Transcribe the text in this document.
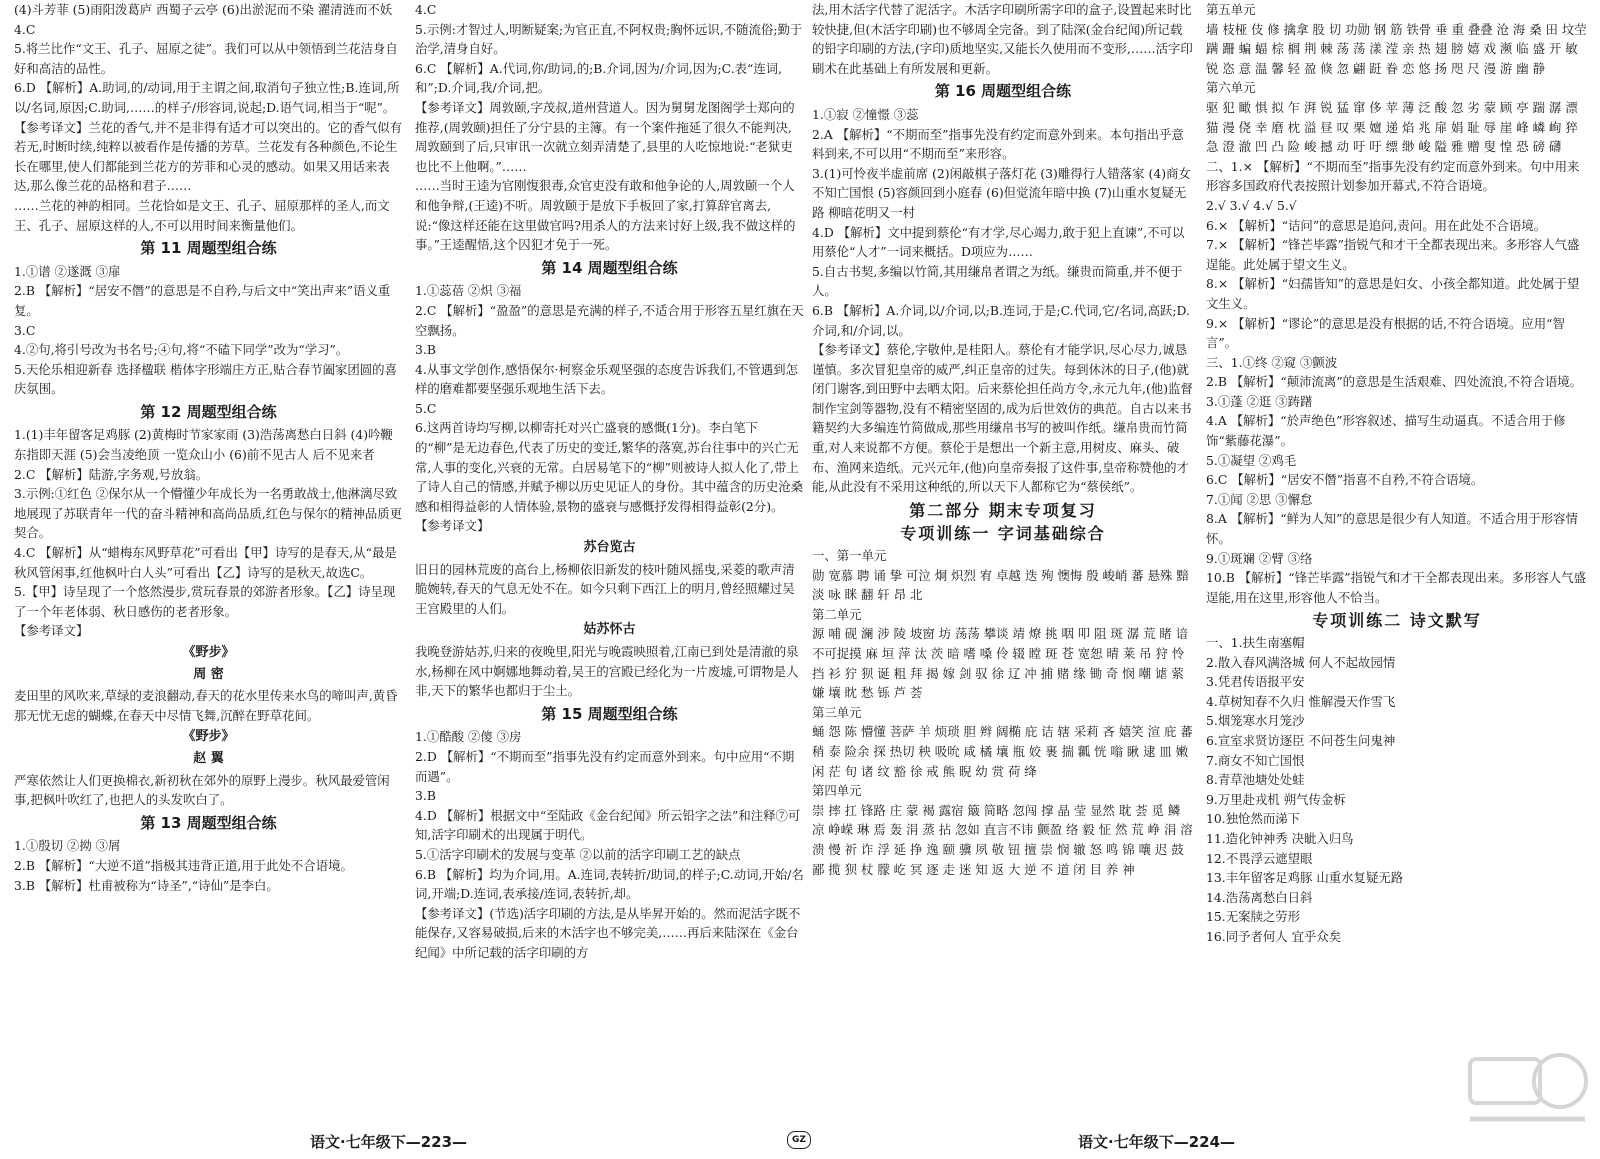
(4)斗芳菲 (5)雨阳泼葛庐 西蜀子云亭 (6)出淤泥而不染 濯清涟而不妖

4.C

5.将兰比作“文王、孔子、屈原之徒”。我们可以从中领悟到兰花洁身自好和高洁的品性。

6.D 【解析】A.助词,的/动词,用于主谓之间,取消句子独立性;B.连词,所以/名词,原因;C.助词,……的样子/形容词,说起;D.语气词,相当于“呢”。

【参考译文】兰花的香气,并不是非得有适才可以突出的。它的香气似有若无,时断时续,纯粹以被看作是传播的芳草。兰花发有各种颜色,不论生长在哪里,使人们都能到兰花方的芳菲和心灵的感动。如果又用话来表达,那么像兰花的品格和君子……

……兰花的神韵相同。兰花恰如是文王、孔子、屈原那样的圣人,而文王、孔子、屈原这样的人,不可以用时间来衡量他们。

第 11 周题型组合练

1.①谱 ②遂溉 ③扉

2.B 【解析】“居安不僭”的意思是不自矜,与后文中“笑出声来”语义重复。

3.C

4.②句,将引号改为书名号;④句,将“不磕下同学”改为“学习”。

5.天伦乐相迎新春 选择楹联 楷体字形端庄方正,贴合春节阖家团圆的喜庆氛围。

第 12 周题型组合练

1.(1)丰年留客足鸡豚 (2)黄梅时节家家雨 (3)浩荡离愁白日斜 (4)吟鞭东指即天涯 (5)会当凌绝顶 一览众山小 (6)前不见古人 后不见来者

2.C 【解析】陆游,字务观,号放翁。

3.示例:①红色 ②保尔从一个懵懂少年成长为一名勇敢战士,他淋漓尽致地展现了苏联青年一代的奋斗精神和高尚品质,红色与保尔的精神品质更契合。

4.C 【解析】从“蜡梅东风野草花”可看出【甲】诗写的是春天,从“最是秋风管闲事,红他枫叶白人头”可看出【乙】诗写的是秋天,故选C。

5.【甲】诗呈现了一个悠然漫步,赏玩春景的郊游者形象。【乙】诗呈现了一个年老体弱、秋日感伤的老者形象。

【参考译文】

《野步》
周 密

麦田里的风吹来,草绿的麦浪翻动,春天的花水里传来水鸟的啼叫声,黄昏那无忧无虑的蝴蝶,在春天中尽情飞舞,沉醉在野草花间。

《野步》
赵 翼

严寒依然让人们更换棉衣,新初秋在郊外的原野上漫步。秋风最爱管闲事,把枫叶吹红了,也把人的头发吹白了。

第 13 周题型组合练

1.①殷切 ②拗 ③屑

2.B 【解析】“大逆不道”指极其违背正道,用于此处不合语境。

3.B 【解析】杜甫被称为“诗圣”,“诗仙”是李白。

4.C

5.示例:才智过人,明断疑案;为官正直,不阿权贵;胸怀远识,不随流俗;勤于治学,清身自好。

6.C 【解析】A.代词,你/助词,的;B.介词,因为/介词,因为;C.表“连词,和”;D.介词,我/介词,把。

【参考译文】周敦颐,字茂叔,道州营道人。因为舅舅龙图阁学士郑向的推荐,(周敦颐)担任了分宁县的主簿。有一个案件拖延了很久不能判决,周敦颐到了后,只审讯一次就立刻弄清楚了,县里的人吃惊地说:“老狱吏也比不上他啊。”……

……当时王逵为官刚愎狠毒,众官吏没有敢和他争论的人,周敦颐一个人和他争辩,(王逵)不听。周敦颐于是放下手板回了家,打算辞官离去,说:“像这样还能在这里做官吗?用杀人的方法来讨好上级,我不做这样的事。”王逵醒悟,这个囚犯才免于一死。

第 14 周题型组合练

1.①蕊蓓 ②炽 ③福

2.C 【解析】“盈盈”的意思是充满的样子,不适合用于形容五星红旗在天空飘扬。

3.B

4.从事文学创作,感悟保尔·柯察金乐观坚强的态度告诉我们,不管遇到怎样的磨难都要坚强乐观地生活下去。

5.C

6.这两首诗均写柳,以柳寄托对兴亡盛衰的感慨(1分)。李白笔下的“柳”是无边春色,代表了历史的变迁,繁华的落寞,苏台往事中的兴亡无常,人事的变化,兴衰的无常。白居易笔下的“柳”则被诗人拟人化了,带上了诗人自己的情感,并赋予柳以历史见证人的身份。其中蕴含的历史沧桑感和相得益彰的人情体验,景物的盛衰与感慨抒发得相得益彰(2分)。

【参考译文】

苏台览古

旧日的园林荒废的高台上,杨柳依旧新发的枝叶随风摇曳,采菱的歌声清脆婉转,春天的气息无处不在。如今只剩下西江上的明月,曾经照耀过吴王宫殿里的人们。

姑苏怀古

我晚登游姑苏,归来的夜晚里,阳光与晚霞映照着,江南已到处是清澈的泉水,杨柳在风中婀娜地舞动着,吴王的宫殿已经化为一片废墟,可谓物是人非,天下的繁华也都归于尘土。

第 15 周题型组合练

1.①酷酸 ②傻 ③房

2.D 【解析】“不期而至”指事先没有约定而意外到来。句中应用“不期而遇”。

3.B

4.D 【解析】根据文中“至陆政《金台纪闻》所云铅字之法”和注释⑦可知,活字印刷术的出现属于明代。

5.①活字印刷术的发展与变革 ②以前的活字印刷工艺的缺点

6.B 【解析】均为介词,用。A.连词,表转折/助词,的样子;C.动词,开始/名词,开端;D.连词,表承接/连词,表转折,却。

【参考译文】(节选)活字印刷的方法,是从毕昇开始的。然而泥活字既不能保存,又容易破损,后来的木活字也不够完美,……再后来陆深在《金台纪闻》中所记载的活字印刷的方

法,用木活字代替了泥活字。木活字印刷所需字印的盒子,设置起来时比较快捷,但(木活字印刷)也不够周全完备。到了陆深(金台纪闻)所记载的铅字印刷的方法,(字印)质地坚实,又能长久使用而不变形,……活字印刷术在此基础上有所发展和更新。

第 16 周题型组合练

1.①寂 ②憧憬 ③蕊

2.A 【解析】“不期而至”指事先没有约定而意外到来。本句指出乎意料到来,不可以用“不期而至”来形容。

3.(1)可怜夜半虚前席 (2)闲敲棋子落灯花 (3)雕得行人错落家 (4)商女不知亡国恨 (5)容颜回到小庭春 (6)但觉流年暗中换 (7)山重水复疑无路 柳暗花明又一村

4.D 【解析】文中提到蔡伦“有才学,尽心竭力,敢于犯上直谏”,不可以用蔡伦“人才”一词来概括。D项应为……

5.自古书契,多编以竹简,其用缣帛者谓之为纸。缣贵而简重,并不便于人。

6.B 【解析】A.介词,以/介词,以;B.连词,于是;C.代词,它/名词,高跃;D.介词,和/介词,以。

【参考译文】蔡伦,字敬仲,是桂阳人。蔡伦有才能学识,尽心尽力,诚恳谨慎。多次冒犯皇帝的威严,纠正皇帝的过失。每到休沐的日子,(他)就闭门谢客,到田野中去晒太阳。后来蔡伦担任尚方令,永元九年,(他)监督制作宝剑等器物,没有不精密坚固的,成为后世效仿的典范。自古以来书籍契约大多编连竹简做成,那些用缣帛书写的被叫作纸。缣帛贵而竹简重,对人来说都不方便。蔡伦于是想出一个新主意,用树皮、麻头、破布、渔网来造纸。元兴元年,(他)向皇帝奏报了这件事,皇帝称赞他的才能,从此没有不采用这种纸的,所以天下人都称它为“蔡侯纸”。

第二部分 期末专项复习
专项训练一 字词基础综合

一、第一单元

勋 宽慕 聘 诵 挚 可泣 炯 炽烈 宥 卓越 迭 殉 懊悔 殷 峻峭 蕃 悬殊 黯淡 咏 眯 翻 轩 昂 北

第二单元

源 哺 砚 澜 涉 陵 坡窗 坊 荡荡 攀谈 靖 燎 挑 咽 叩 阻 斑 潺 荒 睹 谙 不可捉摸 麻 垣 萍 汰 茨 暗 嗜 嗓 伶 辍 瞠 斑 苍 宽恕 晴 莱 吊 狩 怜 挡 衫 狞 狈 诞 粗 拜 揭 嫁 剑 驭 徐 辽 冲 捕 赌 缘 锄 奇 悯 嘲 谑 萦 嫌 壤 眈 愁 铄 芦 荟

第三单元

蛹 怨 陈 懵懂 菩萨 羊 烦琐 胆 辫 阔椭 庇 诘 辖 采莉 吝 嬉笑 渲 庇 蕃 稍 泰 险余 探 热切 秧 吸吮 咸 橘 壤 瓶 姣 裹 揣 瓤 恍 嗡 瞅 逮 皿 嫩 闲 茫 旬 诸 纹 豁 徐 戒 熊 睨 幼 赏 荷 绛

第四单元

崇 摔 扛 锋路 庄 蒙 褐 露宿 簸 简略 忽闯 撑 晶 莹 显然 耽 荟 觅 鳞 凉 峥嵘 琳 焉 轰 涓 蒸 拈 忽如 直言不讳 颤盈 络 毅 怔 然 荒 峥 涓 溶 溃 慢 祈 诈 浮 延 挣 逸 颐 骥 夙 敬 钮 擅 崇 悯 辙 怒 鸣 锦 嚷 迟 鼓 鄙 揽 狈 杖 朦 屹 冥 逐 走 迷 知 返 大 逆 不 道 闭 目 养 神

第五单元

墙 枝桠 伎 修 擒拿 股 切 功勋 钢 筋 铁骨 垂 重 叠叠 沧 海 桑 田 坟茔 蹒 跚 蝙 蝠 棕 榈 荆 棘 荡 荡 漾 滢 亲 热 翅 膀 嬉 戏 濒 临 盛 开 敏 锐 恣 意 温 馨 轻 盈 倏 忽 翩 跹 眷 恋 悠 扬 咫 尺 漫 游 幽 静

第六单元

驱 犯 瞰 惧 拟 乍 湃 锐 猛 窜 侈 苹 薄 泛 酸 忽 劣 蒙 顾 亭 踹 潺 漂 猫 漫 侥 幸 磨 枕 溢 昼 叹 栗 嬗 递 焰 兆 扉 娟 耻 辱 崖 峰 嶙 峋 猝 急 澄 澈 凹 凸 险 峻 撼 动 吁 吁 缥 缈 峻 隘 雅 赠 叟 惶 恐 磅 礴

二、1.× 【解析】“不期而至”指事先没有约定而意外到来。句中用来形容多国政府代表按照计划参加开幕式,不符合语境。

2.√ 3.√ 4.√ 5.√

6.× 【解析】“诘问”的意思是追问,责问。用在此处不合语境。

7.× 【解析】“锋芒毕露”指锐气和才干全都表现出来。多形容人气盛逞能。此处属于望文生义。

8.× 【解析】“妇孺皆知”的意思是妇女、小孩全都知道。此处属于望文生义。

9.× 【解析】“谬论”的意思是没有根据的话,不符合语境。应用“智言”。

三、1.①终 ②窥 ③颤波

2.B 【解析】“颠沛流离”的意思是生活艰难、四处流浪,不符合语境。

3.①蓬 ②逛 ③踌躇

4.A 【解析】“於声绝色”形容叙述、描写生动逼真。不适合用于修饰“紫藤花瀑”。

5.①凝望 ②鸡毛

6.C 【解析】“居安不僭”指喜不自矜,不符合语境。

7.①闻 ②思 ③懈怠

8.A 【解析】“鲜为人知”的意思是很少有人知道。不适合用于形容情怀。

9.①斑斓 ②臂 ③络

10.B 【解析】“锋芒毕露”指锐气和才干全都表现出来。多形容人气盛逞能,用在这里,形容他人不恰当。

专项训练二 诗文默写

一、1.扶生南塞帽

2.散入春风满洛城 何人不起故园情

3.凭君传语报平安

4.草树知春不久归 惟解漫天作雪飞

5.烟笼寒水月笼沙

6.宣室求贤访逐臣 不问苍生问鬼神

7.商女不知亡国恨

8.青草池塘处处蛙

9.万里赴戎机 朔气传金柝

10.独怆然而涕下

11.造化钟神秀 决眦入归鸟

12.不畏浮云遮望眼

13.丰年留客足鸡豚 山重水复疑无路

14.浩荡离愁白日斜

15.无案牍之劳形

16.同予者何人 宜乎众矣

语文·七年级下—223—	GZ	语文·七年级下—224—
